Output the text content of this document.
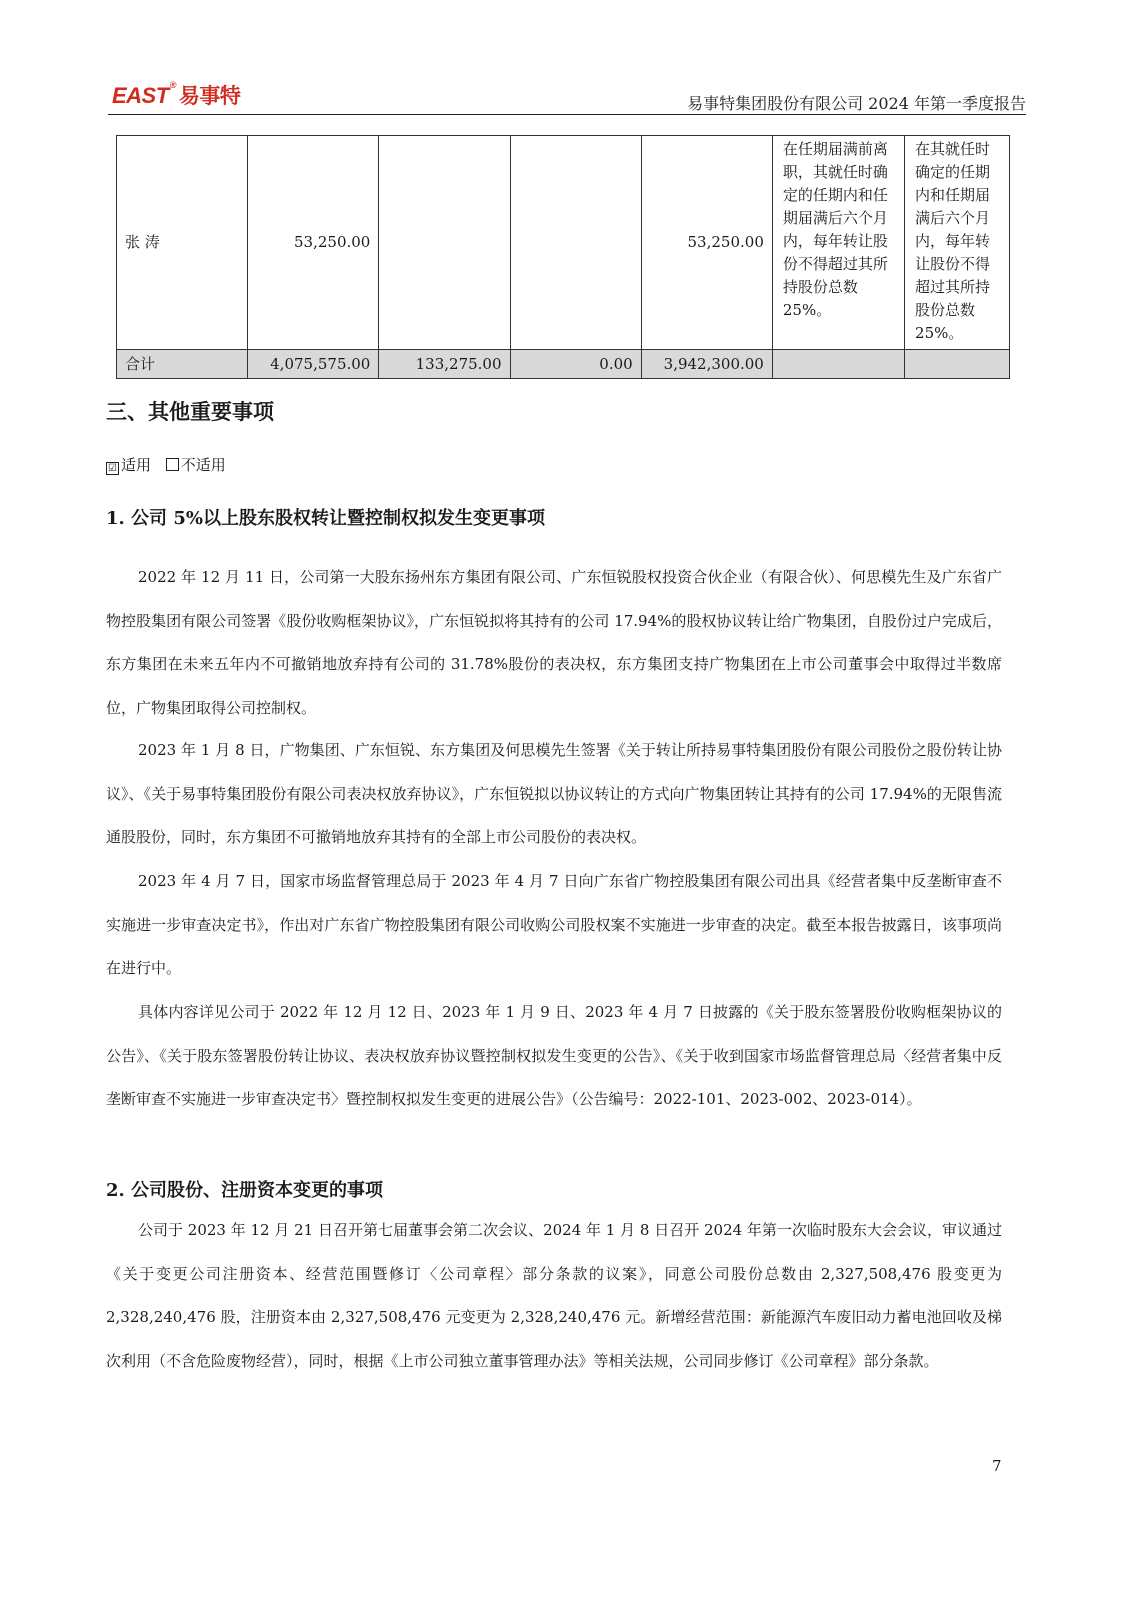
EAST® 易事特	易事特集团股份有限公司 2024 年第一季度报告
张 涛	53,250.00			53,250.00	在任期届满前离职，其就任时确定的任期内和任期届满后六个月内，每年转让股份不得超过其所持股份总数25%。	在其就任时确定的任期内和任期届满后六个月内，每年转让股份不得超过其所持股份总数25%。
合计	4,075,575.00	133,275.00	0.00	3,942,300.00		
三、其他重要事项
☑ 适用 不适用
1. 公司 5%以上股东股权转让暨控制权拟发生变更事项

2022 年 12 月 11 日，公司第一大股东扬州东方集团有限公司、广东恒锐股权投资合伙企业（有限合伙）、何思模先生及广东省广物控股集团有限公司签署《股份收购框架协议》，广东恒锐拟将其持有的公司 17.94%的股权协议转让给广物集团，自股份过户完成后，东方集团在未来五年内不可撤销地放弃持有公司的 31.78%股份的表决权，东方集团支持广物集团在上市公司董事会中取得过半数席位，广物集团取得公司控制权。

2023 年 1 月 8 日，广物集团、广东恒锐、东方集团及何思模先生签署《关于转让所持易事特集团股份有限公司股份之股份转让协议》、《关于易事特集团股份有限公司表决权放弃协议》，广东恒锐拟以协议转让的方式向广物集团转让其持有的公司 17.94%的无限售流通股股份，同时，东方集团不可撤销地放弃其持有的全部上市公司股份的表决权。

2023 年 4 月 7 日，国家市场监督管理总局于 2023 年 4 月 7 日向广东省广物控股集团有限公司出具《经营者集中反垄断审查不实施进一步审查决定书》，作出对广东省广物控股集团有限公司收购公司股权案不实施进一步审查的决定。截至本报告披露日，该事项尚在进行中。

具体内容详见公司于 2022 年 12 月 12 日、2023 年 1 月 9 日、2023 年 4 月 7 日披露的《关于股东签署股份收购框架协议的公告》、《关于股东签署股份转让协议、表决权放弃协议暨控制权拟发生变更的公告》、《关于收到国家市场监督管理总局〈经营者集中反垄断审查不实施进一步审查决定书〉暨控制权拟发生变更的进展公告》（公告编号：2022-101、2023-002、2023-014）。

2. 公司股份、注册资本变更的事项

公司于 2023 年 12 月 21 日召开第七届董事会第二次会议、2024 年 1 月 8 日召开 2024 年第一次临时股东大会会议，审议通过《关于变更公司注册资本、经营范围暨修订〈公司章程〉部分条款的议案》，同意公司股份总数由 2,327,508,476 股变更为 2,328,240,476 股，注册资本由 2,327,508,476 元变更为 2,328,240,476 元。新增经营范围：新能源汽车废旧动力蓄电池回收及梯次利用（不含危险废物经营），同时，根据《上市公司独立董事管理办法》等相关法规，公司同步修订《公司章程》部分条款。

7
